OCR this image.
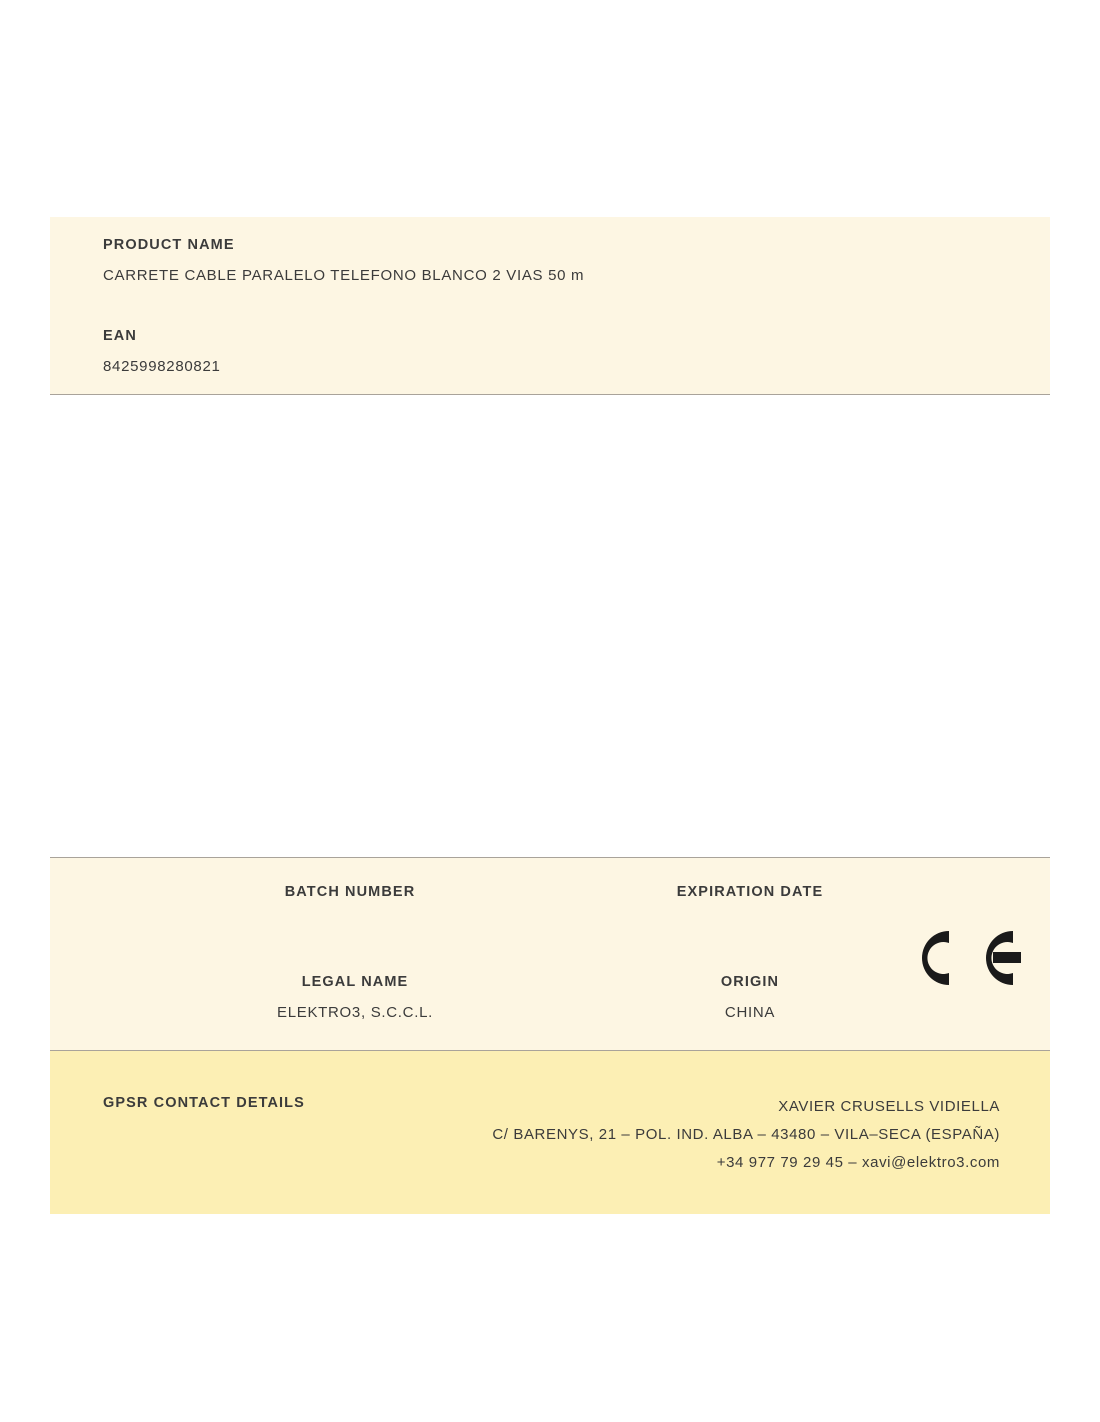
PRODUCT NAME
CARRETE CABLE PARALELO TELEFONO BLANCO 2 VIAS 50 m
EAN
8425998280821
BATCH NUMBER	EXPIRATION DATE
LEGAL NAME
ELEKTRO3, S.C.C.L.
ORIGIN
CHINA
GPSR CONTACT DETAILS	XAVIER CRUSELLS VIDIELLA
C/ BARENYS, 21 – POL. IND. ALBA – 43480 – VILA–SECA (ESPAÑA)
+34 977 79 29 45 – xavi@elektro3.com
